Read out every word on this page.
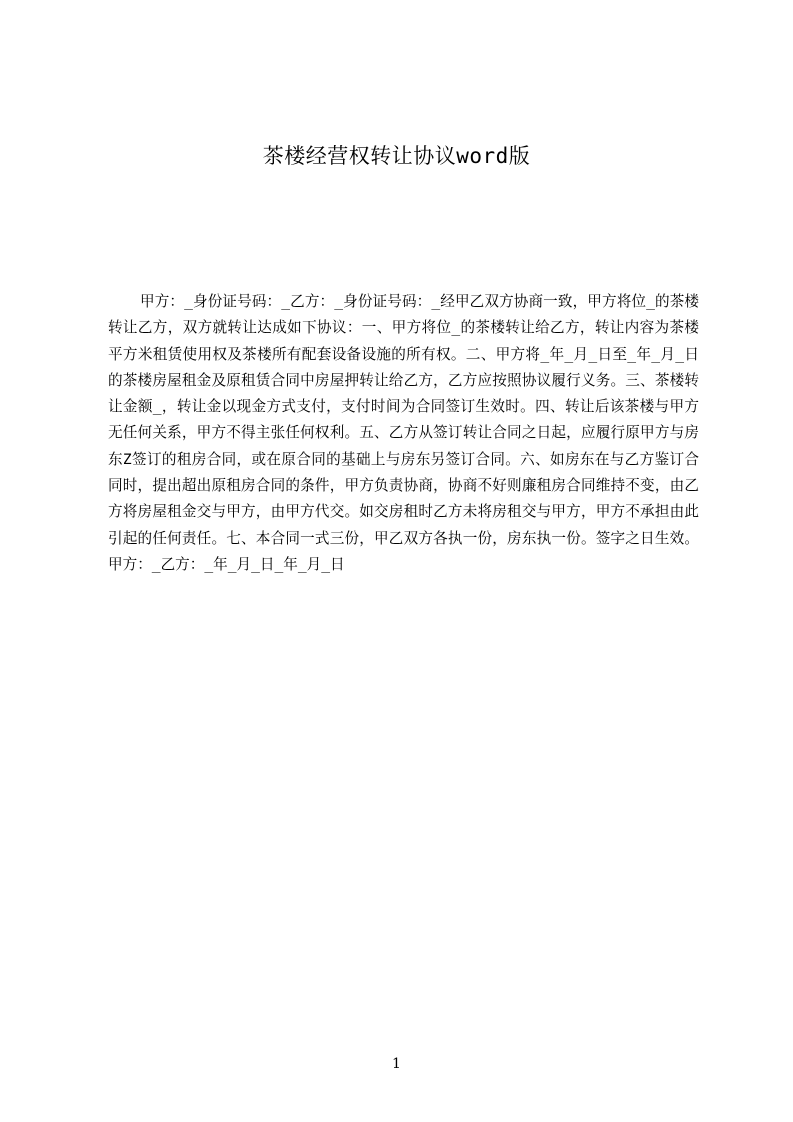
茶楼经营权转让协议word版

甲方：_身份证号码：_乙方：_身份证号码：_经甲乙双方协商一致，甲方将位_的茶楼转让乙方，双方就转让达成如下协议：一、甲方将位_的茶楼转让给乙方，转让内容为茶楼平方米租赁使用权及茶楼所有配套设备设施的所有权。二、甲方将_年_月_日至_年_月_日的茶楼房屋租金及原租赁合同中房屋押转让给乙方，乙方应按照协议履行义务。三、茶楼转让金额_，转让金以现金方式支付，支付时间为合同签订生效时。四、转让后该茶楼与甲方无任何关系，甲方不得主张任何权利。五、乙方从签订转让合同之日起，应履行原甲方与房东Z签订的租房合同，或在原合同的基础上与房东另签订合同。六、如房东在与乙方鉴订合同时，提出超出原租房合同的条件，甲方负责协商，协商不好则廉租房合同维持不变，由乙方将房屋租金交与甲方，由甲方代交。如交房租时乙方未将房租交与甲方，甲方不承担由此引起的任何责任。七、本合同一式三份，甲乙双方各执一份，房东执一份。签字之日生效。甲方：_乙方：_年_月_日_年_月_日

1
